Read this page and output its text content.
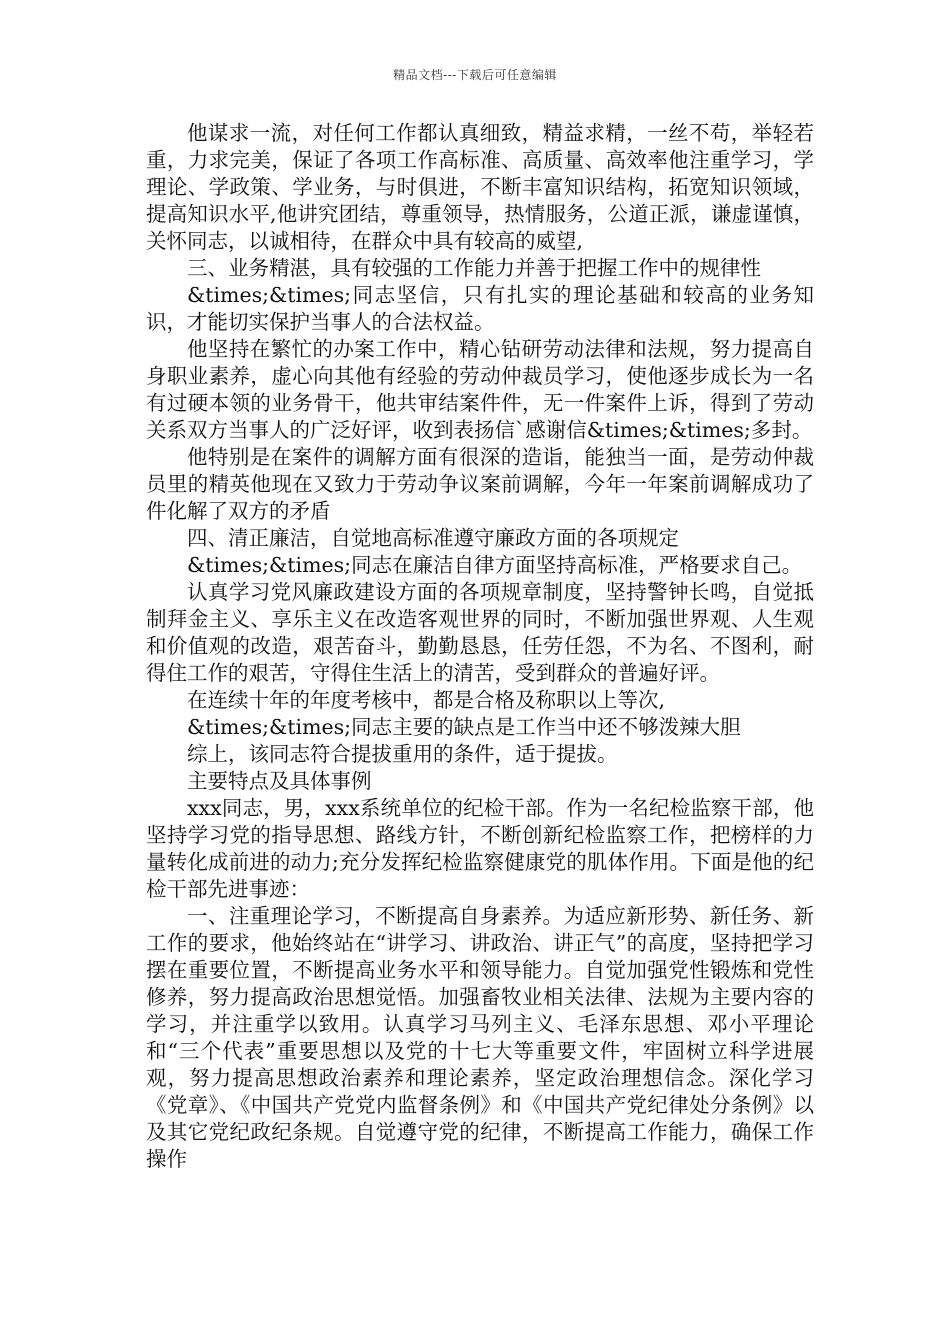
精品文档---下载后可任意编辑

他谋求一流，对任何工作都认真细致，精益求精，一丝不苟，举轻若重，力求完美，保证了各项工作高标准、高质量、高效率他注重学习，学理论、学政策、学业务，与时俱进，不断丰富知识结构，拓宽知识领域，提高知识水平,他讲究团结，尊重领导，热情服务，公道正派，谦虚谨慎，关怀同志，以诚相待，在群众中具有较高的威望,

三、业务精湛，具有较强的工作能力并善于把握工作中的规律性

&times;&times;同志坚信，只有扎实的理论基础和较高的业务知识，才能切实保护当事人的合法权益。

他坚持在繁忙的办案工作中，精心钻研劳动法律和法规，努力提高自身职业素养，虚心向其他有经验的劳动仲裁员学习，使他逐步成长为一名有过硬本领的业务骨干，他共审结案件件，无一件案件上诉，得到了劳动关系双方当事人的广泛好评，收到表扬信`感谢信&times;&times;多封。

他特别是在案件的调解方面有很深的造诣，能独当一面，是劳动仲裁员里的精英他现在又致力于劳动争议案前调解，今年一年案前调解成功了件化解了双方的矛盾

四、清正廉洁，自觉地高标准遵守廉政方面的各项规定

&times;&times;同志在廉洁自律方面坚持高标准，严格要求自己。

认真学习党风廉政建设方面的各项规章制度，坚持警钟长鸣，自觉抵制拜金主义、享乐主义在改造客观世界的同时，不断加强世界观、人生观和价值观的改造，艰苦奋斗，勤勤恳恳，任劳任怨，不为名、不图利，耐得住工作的艰苦，守得住生活上的清苦，受到群众的普遍好评。

在连续十年的年度考核中，都是合格及称职以上等次,

&times;&times;同志主要的缺点是工作当中还不够泼辣大胆

综上，该同志符合提拔重用的条件，适于提拔。

主要特点及具体事例

xxx同志，男，xxx系统单位的纪检干部。作为一名纪检监察干部，他坚持学习党的指导思想、路线方针，不断创新纪检监察工作，把榜样的力量转化成前进的动力;充分发挥纪检监察健康党的肌体作用。下面是他的纪检干部先进事迹：

一、注重理论学习，不断提高自身素养。为适应新形势、新任务、新工作的要求，他始终站在“讲学习、讲政治、讲正气”的高度，坚持把学习摆在重要位置，不断提高业务水平和领导能力。自觉加强党性锻炼和党性修养，努力提高政治思想觉悟。加强畜牧业相关法律、法规为主要内容的学习，并注重学以致用。认真学习马列主义、毛泽东思想、邓小平理论和“三个代表”重要思想以及党的十七大等重要文件，牢固树立科学进展观，努力提高思想政治素养和理论素养，坚定政治理想信念。深化学习《党章》、《中国共产党党内监督条例》和《中国共产党纪律处分条例》以及其它党纪政纪条规。自觉遵守党的纪律，不断提高工作能力，确保工作操作
